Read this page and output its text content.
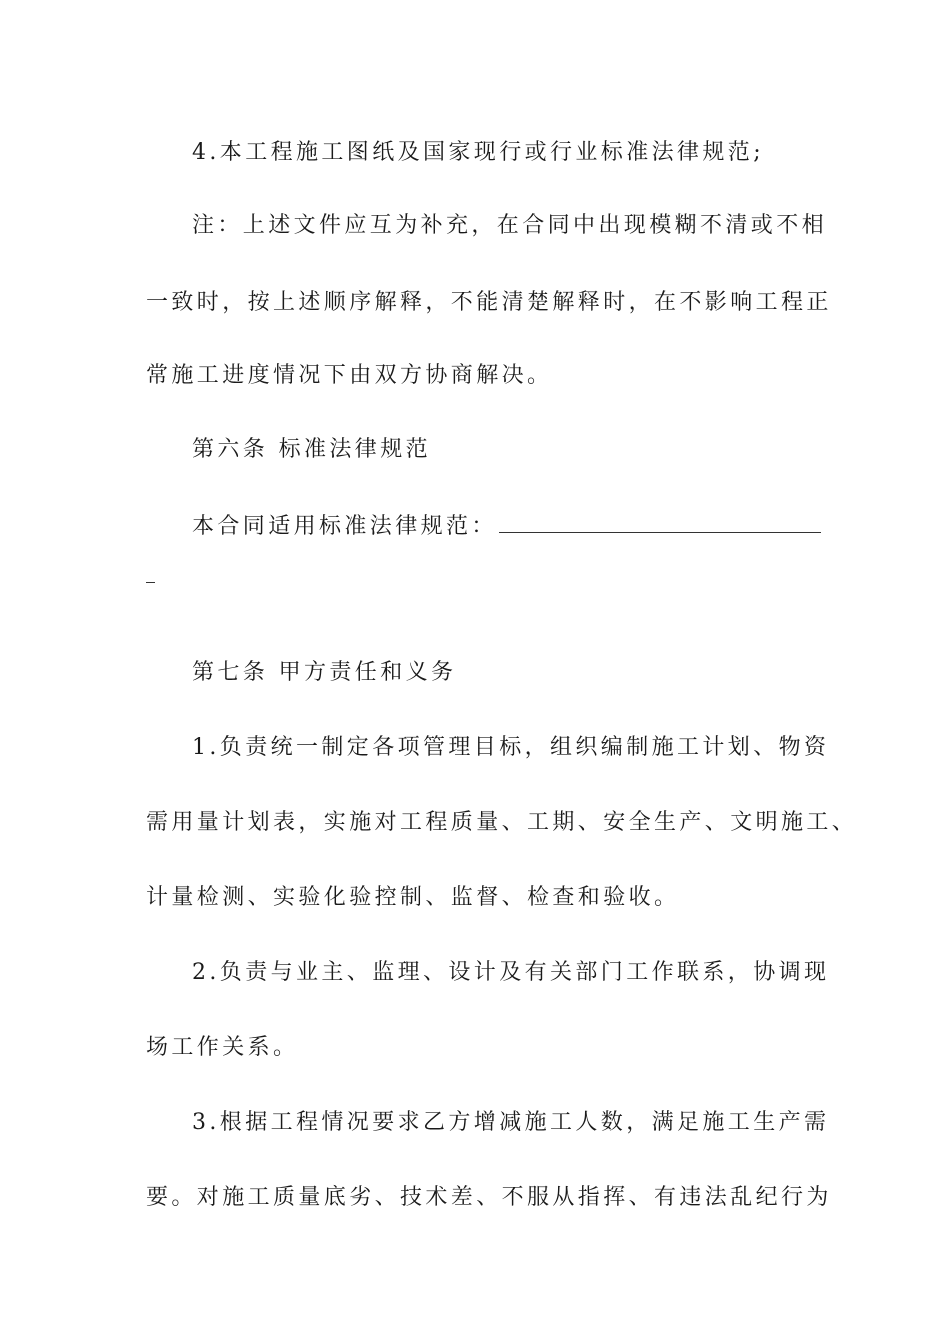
4.本工程施工图纸及国家现行或行业标准法律规范;
注：上述文件应互为补充，在合同中出现模糊不清或不相
一致时，按上述顺序解释，不能清楚解释时，在不影响工程正
常施工进度情况下由双方协商解决。
第六条 标准法律规范
本合同适用标准法律规范：
第七条 甲方责任和义务
1.负责统一制定各项管理目标，组织编制施工计划、物资
需用量计划表，实施对工程质量、工期、安全生产、文明施工、
计量检测、实验化验控制、监督、检查和验收。
2.负责与业主、监理、设计及有关部门工作联系，协调现
场工作关系。
3.根据工程情况要求乙方增减施工人数，满足施工生产需
要。对施工质量底劣、技术差、不服从指挥、有违法乱纪行为
